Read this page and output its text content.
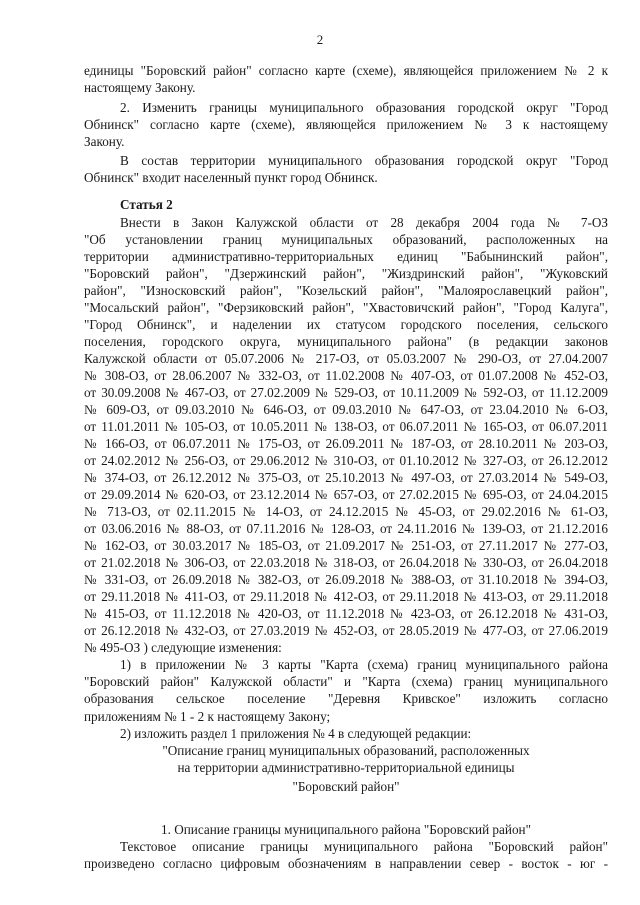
2
единицы "Боровский район" согласно карте (схеме), являющейся приложением № 2 к
настоящему Закону.
2. Изменить границы муниципального образования городской округ "Город
Обнинск" согласно карте (схеме), являющейся приложением № 3 к настоящему
Закону.
В состав территории муниципального образования городской округ "Город
Обнинск" входит населенный пункт город Обнинск.
Статья 2
Внести в Закон Калужской области от 28 декабря 2004 года № 7-ОЗ
"Об установлении границ муниципальных образований, расположенных на
территории административно-территориальных единиц "Бабынинский район",
"Боровский район", "Дзержинский район", "Жиздринский район", "Жуковский
район", "Износковский район", "Козельский район", "Малоярославецкий район",
"Мосальский район", "Ферзиковский район", "Хвастовичский район", "Город Калуга",
"Город Обнинск", и наделении их статусом городского поселения, сельского
поселения, городского округа, муниципального района" (в редакции законов
Калужской области от 05.07.2006 № 217-ОЗ, от 05.03.2007 № 290-ОЗ, от 27.04.2007
№ 308-ОЗ, от 28.06.2007 № 332-ОЗ, от 11.02.2008 № 407-ОЗ, от 01.07.2008 № 452-ОЗ,
от 30.09.2008 № 467-ОЗ, от 27.02.2009 № 529-ОЗ, от 10.11.2009 № 592-ОЗ, от 11.12.2009
№ 609-ОЗ, от 09.03.2010 № 646-ОЗ, от 09.03.2010 № 647-ОЗ, от 23.04.2010 № 6-ОЗ,
от 11.01.2011 № 105-ОЗ, от 10.05.2011 № 138-ОЗ, от 06.07.2011 № 165-ОЗ, от 06.07.2011
№ 166-ОЗ, от 06.07.2011 № 175-ОЗ, от 26.09.2011 № 187-ОЗ, от 28.10.2011 № 203-ОЗ,
от 24.02.2012 № 256-ОЗ, от 29.06.2012 № 310-ОЗ, от 01.10.2012 № 327-ОЗ, от 26.12.2012
№ 374-ОЗ, от 26.12.2012 № 375-ОЗ, от 25.10.2013 № 497-ОЗ, от 27.03.2014 № 549-ОЗ,
от 29.09.2014 № 620-ОЗ, от 23.12.2014 № 657-ОЗ, от 27.02.2015 № 695-ОЗ, от 24.04.2015
№ 713-ОЗ, от 02.11.2015 № 14-ОЗ, от 24.12.2015 № 45-ОЗ, от 29.02.2016 № 61-ОЗ,
от 03.06.2016 № 88-ОЗ, от 07.11.2016 № 128-ОЗ, от 24.11.2016 № 139-ОЗ, от 21.12.2016
№ 162-ОЗ, от 30.03.2017 № 185-ОЗ, от 21.09.2017 № 251-ОЗ, от 27.11.2017 № 277-ОЗ,
от 21.02.2018 № 306-ОЗ, от 22.03.2018 № 318-ОЗ, от 26.04.2018 № 330-ОЗ, от 26.04.2018
№ 331-ОЗ, от 26.09.2018 № 382-ОЗ, от 26.09.2018 № 388-ОЗ, от 31.10.2018 № 394-ОЗ,
от 29.11.2018 № 411-ОЗ, от 29.11.2018 № 412-ОЗ, от 29.11.2018 № 413-ОЗ, от 29.11.2018
№ 415-ОЗ, от 11.12.2018 № 420-ОЗ, от 11.12.2018 № 423-ОЗ, от 26.12.2018 № 431-ОЗ,
от 26.12.2018 № 432-ОЗ, от 27.03.2019 № 452-ОЗ, от 28.05.2019 № 477-ОЗ, от 27.06.2019
№ 495-ОЗ ) следующие изменения:
1) в приложении № 3 карты "Карта (схема) границ муниципального района
"Боровский район" Калужской области" и "Карта (схема) границ муниципального
образования сельское поселение "Деревня Кривское" изложить согласно
приложениям № 1 - 2 к настоящему Закону;
2) изложить раздел 1 приложения № 4 в следующей редакции:
"Описание границ муниципальных образований, расположенных
на территории административно-территориальной единицы
"Боровский район"
1. Описание границы муниципального района "Боровский район"
Текстовое описание границы муниципального района "Боровский район"
произведено согласно цифровым обозначениям в направлении север - восток - юг -
